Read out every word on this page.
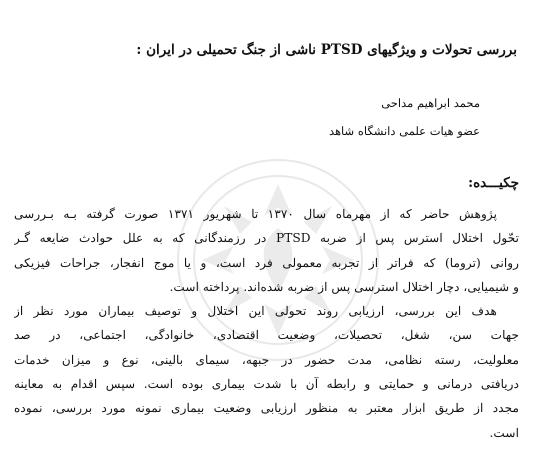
بررسی تحولات و ویژگیهای PTSD ناشی از جنگ تحمیلی در ایران :
محمد ابراهیم مداحی
عضو هیات علمی دانشگاه شاهد
چکیـــده:
پژوهش حاضر که از مهرماه سال ۱۳۷۰ تا شهریور ۱۳۷۱ صورت گرفته بـه بـررسی
تحّول اختلال استرس پس از ضربه PTSD در رزمندگانی که به علل حوادث ضایعه گـر
روانی (تروما) که فراتر از تجربه معمولی فرد است، و یا موج انفجار، جراحات فیزیکی
و شیمیایی، دچار اختلال استرسی پس از ضربه شده‌اند. پرداخته است.
هدف این بررسی، ارزیابی روند تحولی این اختلال و توصیف بیماران مورد نظر از
جهات سن، شغل، تحصیلات، وضعیت اقتصادی، خانوادگی، اجتماعی، در صد
معلولیت، رسته نظامی، مدت حضور در جبهه، سیمای بالینی، نوع و میزان خدمات
دریافتی درمانی و حمایتی و رابطه آن با شدت بیماری بوده است. سپس اقدام به معاینه
مجدد از طریق ابزار معتبر به منظور ارزیابی وضعیت بیماری نمونه مورد بررسی، نموده
است.
